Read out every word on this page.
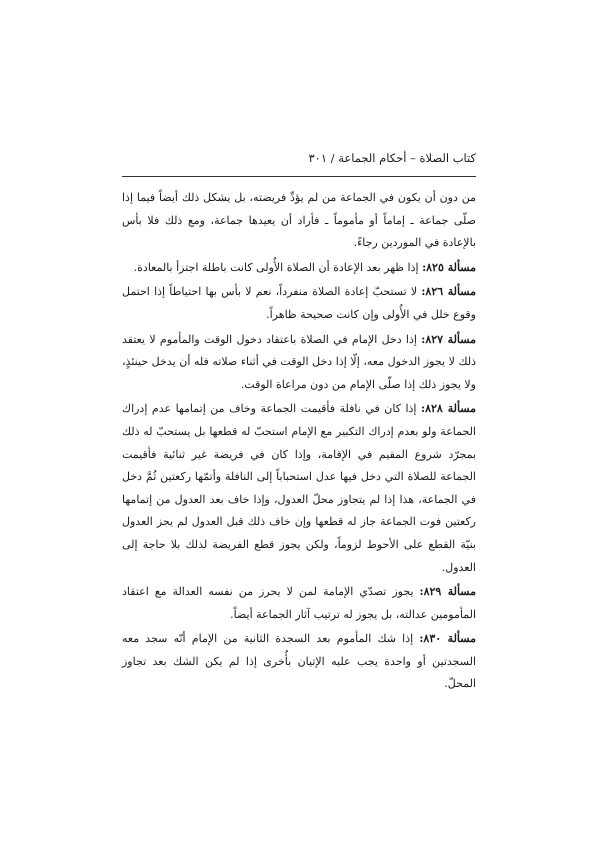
كتاب الصلاة – أحكام الجماعة / ٣٠١

من دون أن يكون في الجماعة من لم يؤدِّ فريضته، بل يشكل ذلك أيضاً فيما إذا صلّى جماعة ـ إماماً أو مأموماً ـ فأراد أن يعيدها جماعة، ومع ذلك فلا بأس بالإعادة في الموردين رجاءً.

مسألة ٨٢٥: إذا ظهر بعد الإعادة أن الصلاة الأُولى كانت باطلة اجتزأ بالمعادة.

مسألة ٨٢٦: لا تستحبّ إعادة الصلاة منفرداً، نعم لا بأس بها احتياطاً إذا احتمل وقوع خلل في الأُولى وإن كانت صحيحة ظاهراً.

مسألة ٨٢٧: إذا دخل الإمام في الصلاة باعتقاد دخول الوقت والمأموم لا يعتقد ذلك لا يجوز الدخول معه، إلّا إذا دخل الوقت في أثناء صلاته فله أن يدخل حينئذٍ، ولا يجوز ذلك إذا صلّى الإمام من دون مراعاة الوقت.

مسألة ٨٢٨: إذا كان في نافلة فأقيمت الجماعة وخاف من إتمامها عدم إدراك الجماعة ولو بعدم إدراك التكبير مع الإمام استحبّ له قطعها بل يستحبّ له ذلك بمجرّد شروع المقيم في الإقامة، وإذا كان في فريضة غير ثنائية فأقيمت الجماعة للصلاة التي دخل فيها عدل استحباباً إلى النافلة وأتمّها ركعتين ثُمَّ دخل في الجماعة، هذا إذا لم يتجاوز محلّ العدول، وإذا خاف بعد العدول من إتمامها ركعتين فوت الجماعة جاز له قطعها وإن خاف ذلك قبل العدول لم يجز العدول بنيّة القطع على الأحوط لزوماً، ولكن يجوز قطع الفريضة لذلك بلا حاجة إلى العدول.

مسألة ٨٢٩: يجوز تصدّي الإمامة لمن لا يحرز من نفسه العدالة مع اعتقاد المأمومين عدالته، بل يجوز له ترتيب آثار الجماعة أيضاً.

مسألة ٨٣٠: إذا شك المأموم بعد السجدة الثانية من الإمام أنّه سجد معه السجدتين أو واحدة يجب عليه الإتيان بأُخرى إذا لم يكن الشك بعد تجاوز المحلّ.
